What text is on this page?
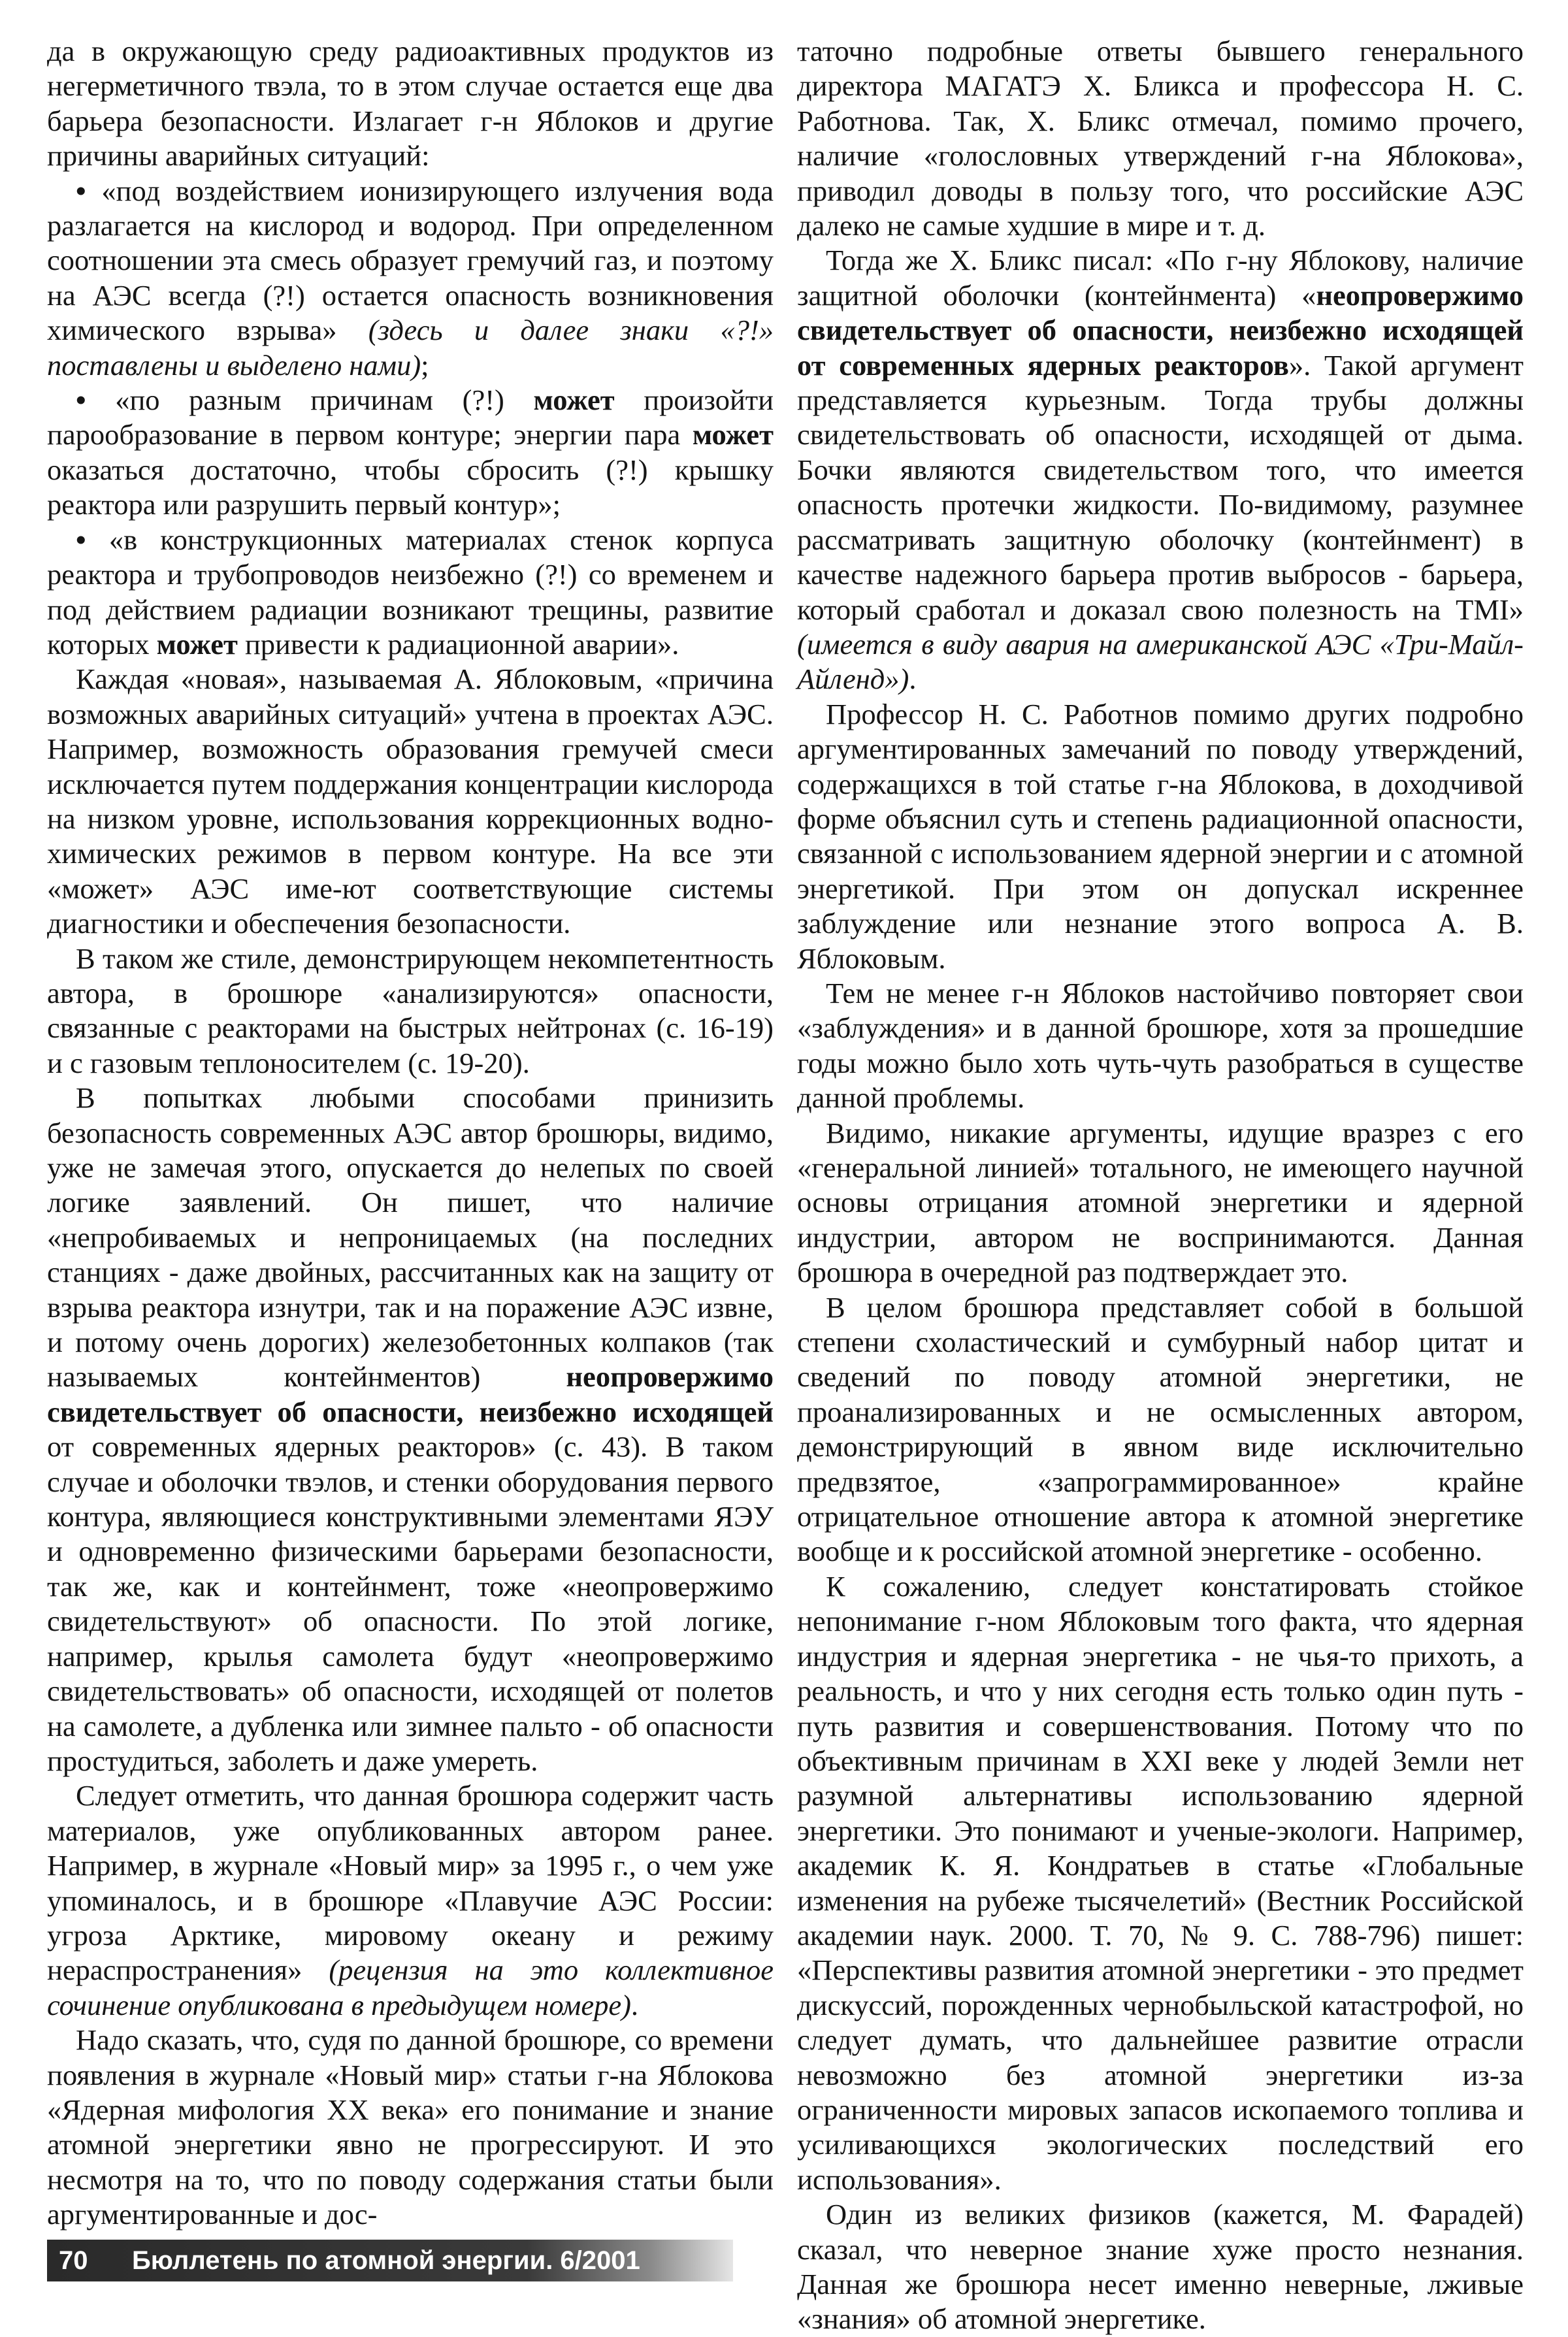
да в окружающую среду радиоактивных продуктов из негерметичного твэла, то в этом случае остается еще два барьера безопасности. Излагает г-н Яблоков и другие причины аварийных ситуаций:

• «под воздействием ионизирующего излучения вода разлагается на кислород и водород. При определенном соотношении эта смесь образует гремучий газ, и поэтому на АЭС всегда (?!) остается опасность возникновения химического взрыва» (здесь и далее знаки «?!» поставлены и выделено нами);

• «по разным причинам (?!) может произойти парообразование в первом контуре; энергии пара может оказаться достаточно, чтобы сбросить (?!) крышку реактора или разрушить первый контур»;

• «в конструкционных материалах стенок корпуса реактора и трубопроводов неизбежно (?!) со временем и под действием радиации возникают трещины, развитие которых может привести к радиационной аварии».

Каждая «новая», называемая А. Яблоковым, «причина возможных аварийных ситуаций» учтена в проектах АЭС. Например, возможность образования гремучей смеси исключается путем поддержания концентрации кислорода на низком уровне, использования коррекционных водно-химических режимов в первом контуре. На все эти «может» АЭС име-ют соответствующие системы диагностики и обеспечения безопасности.

В таком же стиле, демонстрирующем некомпетентность автора, в брошюре «анализируются» опасности, связанные с реакторами на быстрых нейтронах (с. 16-19) и с газовым теплоносителем (с. 19-20).

В попытках любыми способами принизить безопасность современных АЭС автор брошюры, видимо, уже не замечая этого, опускается до нелепых по своей логике заявлений. Он пишет, что наличие «непробиваемых и непроницаемых (на последних станциях - даже двойных, рассчитанных как на защиту от взрыва реактора изнутри, так и на поражение АЭС извне, и потому очень дорогих) железобетонных колпаков (так называемых контейнментов)	неопровержимо свидетельствует об опасности, неизбежно исходящей от современных ядерных реакторов» (с. 43). В таком случае и оболочки твэлов, и стенки оборудования первого контура, являющиеся конструктивными элементами ЯЭУ и одновременно физическими барьерами безопасности, так же, как и контейнмент, тоже «неопровержимо свидетельствуют» об опасности. По этой логике, например, крылья самолета будут «неопровержимо свидетельствовать» об опасности, исходящей от полетов на самолете, а дубленка или зимнее пальто - об опасности простудиться, заболеть и даже умереть.

Следует отметить, что данная брошюра содержит часть материалов, уже опубликованных автором ранее. Например, в журнале «Новый мир» за 1995 г., о чем уже упоминалось, и в брошюре «Плавучие АЭС России: угроза Арктике, мировому океану и режиму нераспространения» (рецензия на это коллективное сочинение опубликована в предыдущем номере).

Надо сказать, что, судя по данной брошюре, со времени появления в журнале «Новый мир» статьи г-на Яблокова «Ядерная мифология XX века» его понимание и знание атомной энергетики явно не прогрессируют. И это несмотря на то, что по поводу содержания статьи были аргументированные и дос-

таточно подробные ответы бывшего генерального директора МАГАТЭ Х. Бликса и профессора Н. С. Работнова. Так, Х. Бликс отмечал, помимо прочего, наличие «голословных утверждений г-на Яблокова», приводил доводы в пользу того, что российские АЭС далеко не самые худшие в мире и т. д.

Тогда же Х. Бликс писал: «По г-ну Яблокову, наличие защитной оболочки (контейнмента) «неопровержимо свидетельствует об опасности, неизбежно исходящей от современных ядерных реакторов». Такой аргумент представляется курьезным. Тогда трубы должны свидетельствовать об опасности, исходящей от дыма. Бочки являются свидетельством того, что имеется опасность протечки жидкости. По-видимому, разумнее рассматривать защитную оболочку (контейнмент) в качестве надежного барьера против выбросов - барьера, который сработал и доказал свою полезность на TMI» (имеется в виду авария на американской АЭС «Три-Майл-Айленд»).

Профессор Н. С. Работнов помимо других подробно аргументированных замечаний по поводу утверждений, содержащихся в той статье г-на Яблокова, в доходчивой форме объяснил суть и степень радиационной опасности, связанной с использованием ядерной энергии и с атомной энергетикой. При этом он допускал искреннее заблуждение или незнание этого вопроса А. В. Яблоковым.

Тем не менее г-н Яблоков настойчиво повторяет свои «заблуждения» и в данной брошюре, хотя за прошедшие годы можно было хоть чуть-чуть разобраться в существе данной проблемы.

Видимо, никакие аргументы, идущие вразрез с его «генеральной линией» тотального, не имеющего научной основы отрицания атомной энергетики и ядерной индустрии, автором не воспринимаются. Данная брошюра в очередной раз подтверждает это.

В целом брошюра представляет собой в большой степени схоластический и сумбурный набор цитат и сведений по поводу атомной энергетики, не проанализированных и не осмысленных автором, демонстрирующий в явном виде исключительно предвзятое, «запрограммированное» крайне отрицательное отношение автора к атомной энергетике вообще и к российской атомной энергетике - особенно.

К сожалению, следует констатировать стойкое непонимание г-ном Яблоковым того факта, что ядерная индустрия и ядерная энергетика - не чья-то прихоть, а реальность, и что у них сегодня есть только один путь - путь развития и совершенствования. Потому что по объективным причинам в XXI веке у людей Земли нет разумной альтернативы использованию ядерной энергетики. Это понимают и ученые-экологи. Например, академик К. Я. Кондратьев в статье «Глобальные изменения на рубеже тысячелетий» (Вестник Российской академии наук. 2000. Т. 70, № 9. С. 788-796) пишет: «Перспективы развития атомной энергетики - это предмет дискуссий, порожденных чернобыльской катастрофой, но следует думать, что дальнейшее развитие отрасли невозможно без атомной энергетики из-за ограниченности мировых запасов ископаемого топлива и усиливающихся экологических последствий его использования».

Один из великих физиков (кажется, М. Фарадей) сказал, что неверное знание хуже просто незнания. Данная же брошюра несет именно неверные, лживые «знания» об атомной энергетике.

70 Бюллетень по атомной энергии. 6/2001
